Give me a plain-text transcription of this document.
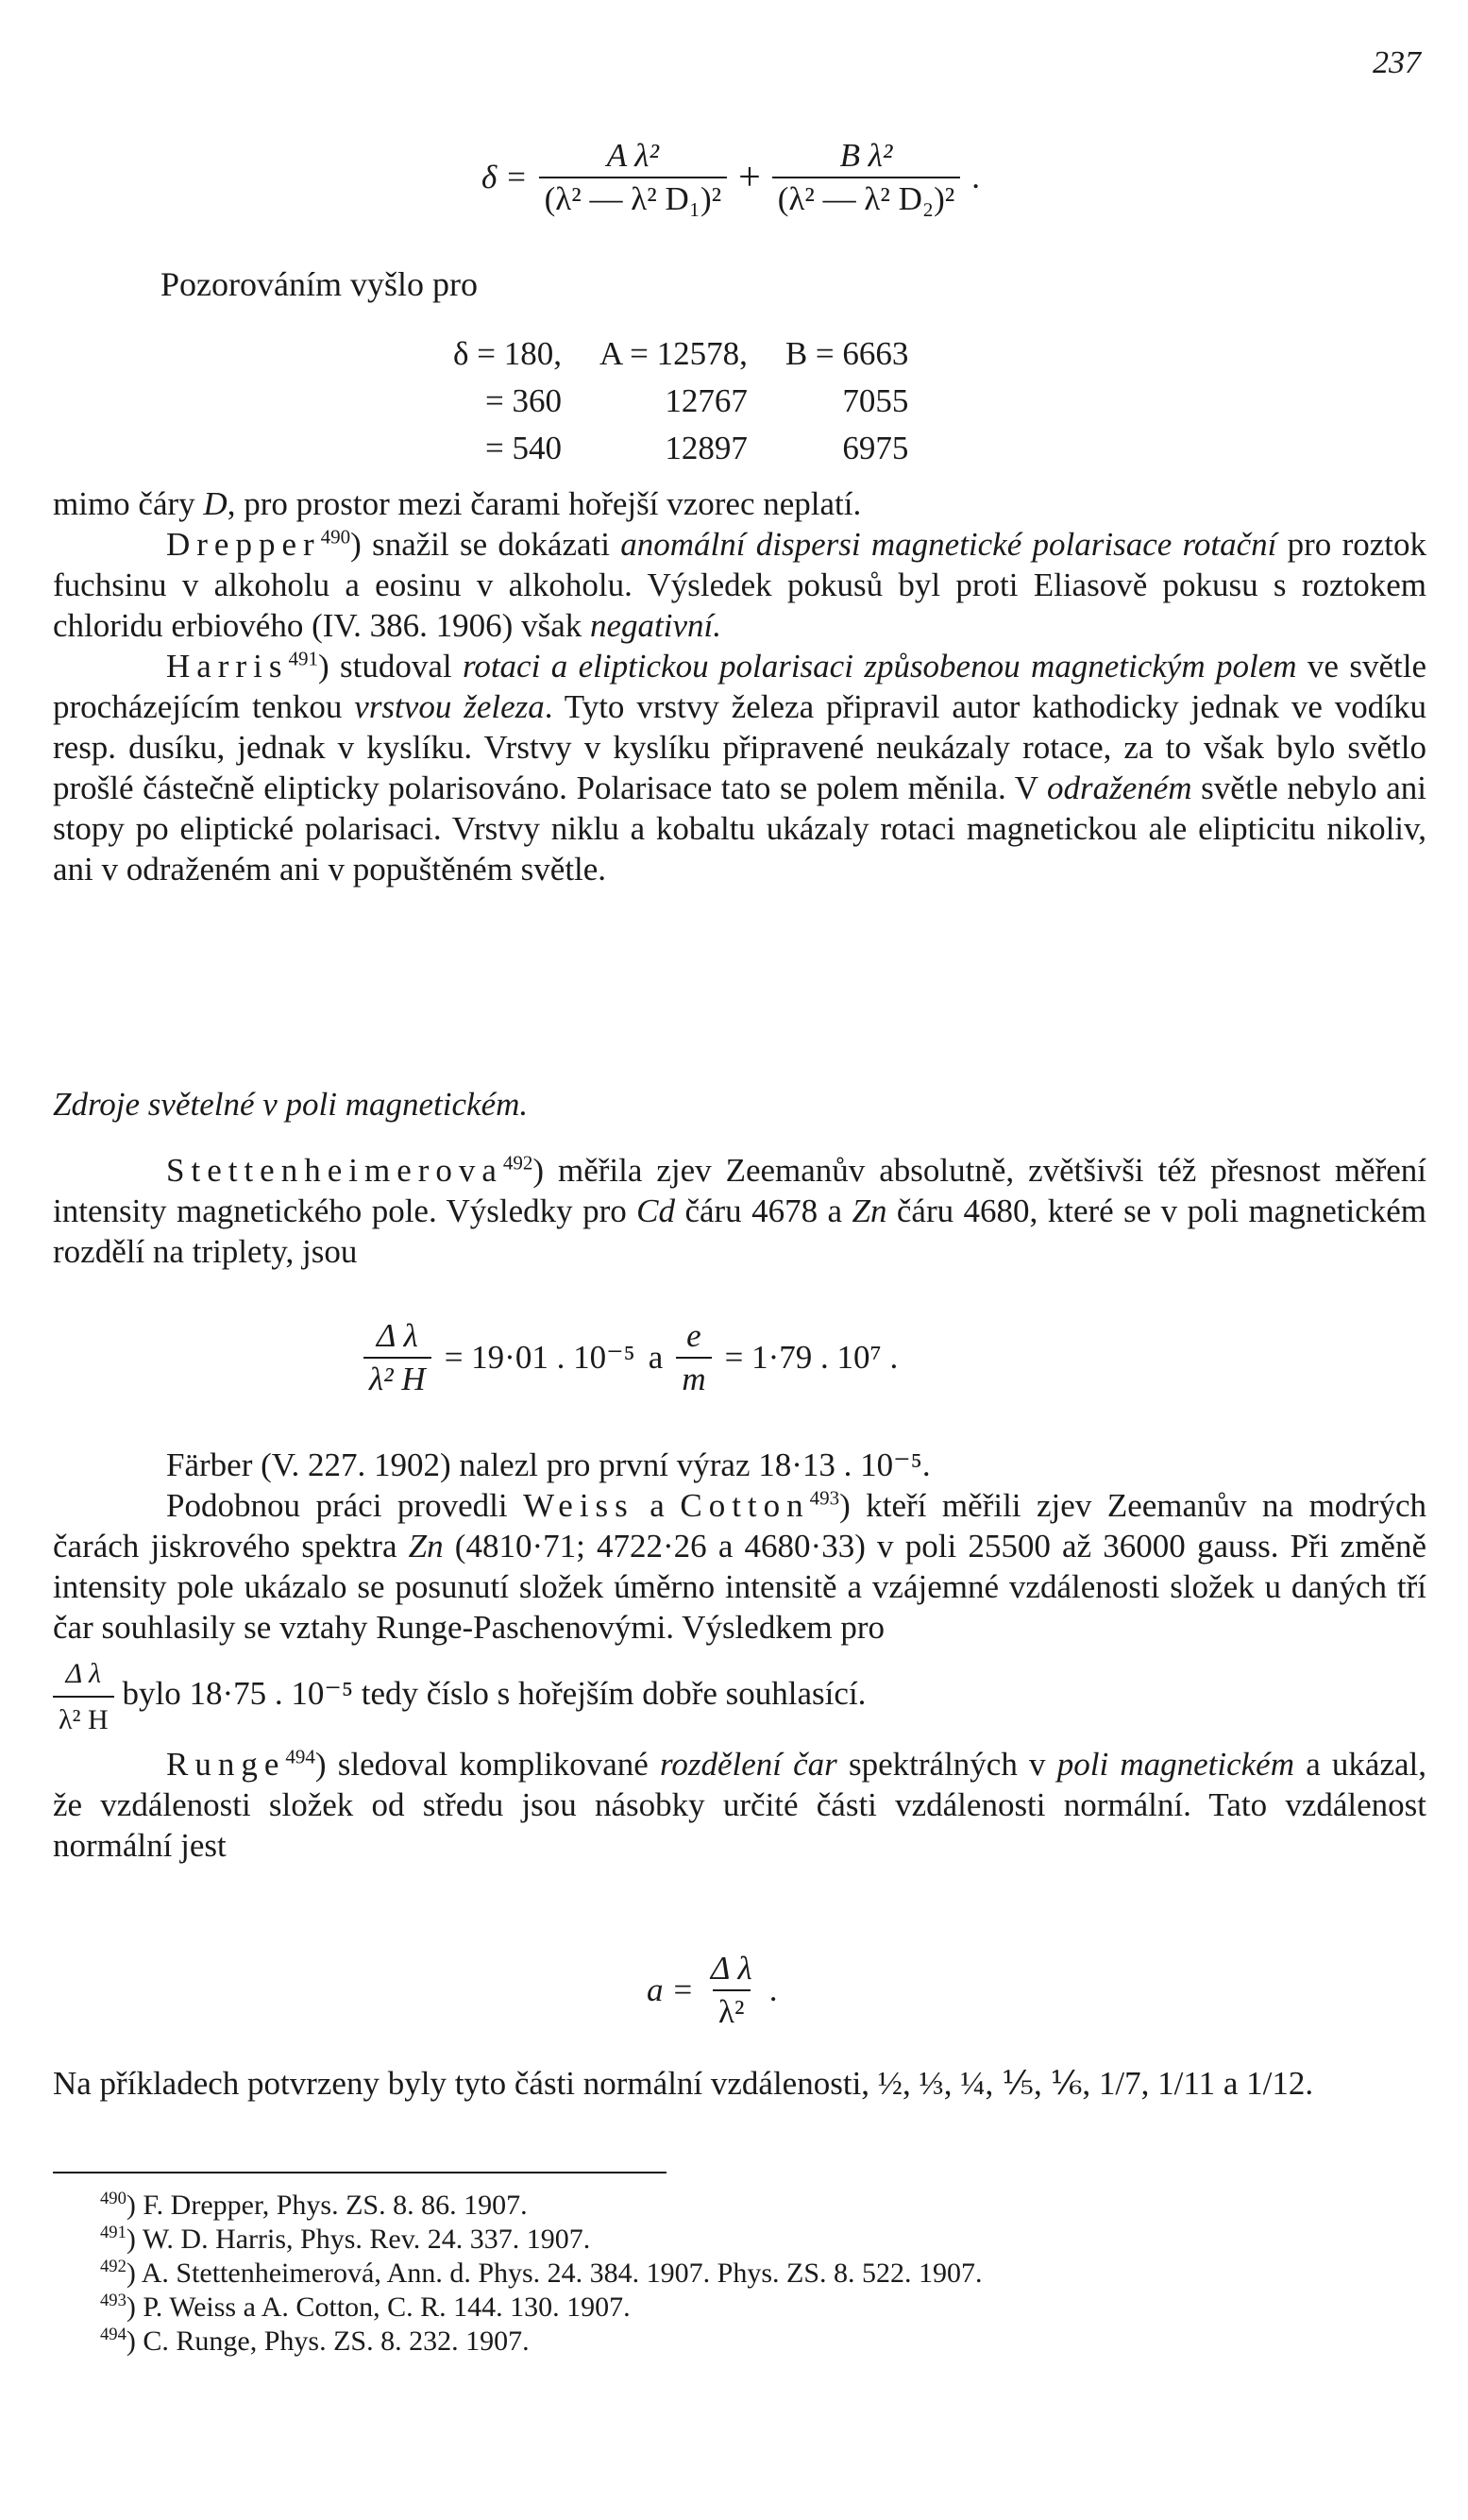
237
$\delta = \frac{\text{A λ²}}{\text{(λ² — λ² D₁)²}} + \frac{\text{B λ²}}{\text{(λ² — λ² D₂)²}}$ .
Pozorováním vyšlo pro
δ = 180,	A = 12578,	B = 6663
= 360	12767	7055
= 540	12897	6975

mimo čáry D, pro prostor mezi čarami hořejší vzorec neplatí.

Drepper$^{490}$) snažil se dokázati anomální dispersi magnetické polarisace rotační pro roztok fuchsinu v alkoholu a eosinu v alkoholu. Výsledek pokusů byl proti Eliasově pokusu s roztokem chloridu erbiového (IV. 386. 1906) však negativní.

Harris$^{491}$) studoval rotaci a eliptickou polarisaci způsobenou magnetickým polem ve světle procházejícím tenkou vrstvou železa. Tyto vrstvy železa připravil autor kathodicky jednak ve vodíku resp. dusíku, jednak v kyslíku. Vrstvy v kyslíku připravené neukázaly rotace, za to však bylo světlo prošlé částečně elipticky polarisováno. Polarisace tato se polem měnila. V odraženém světle nebylo ani stopy po eliptické polarisaci. Vrstvy niklu a kobaltu ukázaly rotaci magnetickou ale elipticitu nikoliv, ani v odraženém ani v popuštěném světle.

Zdroje světelné v poli magnetickém.

Stettenheimerova$^{492}$) měřila zjev Zeemanův absolutně, zvětšivši též přesnost měření intensity magnetického pole. Výsledky pro Cd čáru 4678 a Zn čáru 4680, které se v poli magnetickém rozdělí na triplety, jsou

$\frac{\text{Δ λ}}{\text{λ² H}} = 19\cdot 01$ . 10⁻⁵ a $\frac{e}{m} = 1\cdot 79$ . 10⁷ .

Färber (V. 227. 1902) nalezl pro první výraz 18·13 . 10⁻⁵.

Podobnou práci provedli Weiss a Cotton$^{493}$) kteří měřili zjev Zeemanův na modrých čarách jiskrového spektra Zn (4810·71; 4722·26 a 4680·33) v poli 25500 až 36000 gauss. Při změně intensity pole ukázalo se posunutí složek úměrno intensitě a vzájemné vzdálenosti složek u daných tří čar souhlasily se vztahy Runge-Paschenovými. Výsledkem pro

$\frac{\text{Δ λ}}{\text{λ² H}}$ bylo 18·75 . 10⁻⁵ tedy číslo s hořejším dobře souhlasící.

Runge$^{494}$) sledoval komplikované rozdělení čar spektrálných v poli magnetickém a ukázal, že vzdálenosti složek od středu jsou násobky určité části vzdálenosti normální. Tato vzdálenost normální jest

$a = \frac{\text{Δ λ}}{\text{λ²}}$ .

Na příkladech potvrzeny byly tyto části normální vzdálenosti, ½, ⅓, ¼, ⅕, ⅙, 1/7, 1/11 a 1/12.

$^{490}$) F. Drepper, Phys. ZS. 8. 86. 1907.

$^{491}$) W. D. Harris, Phys. Rev. 24. 337. 1907.

$^{492}$) A. Stettenheimerová, Ann. d. Phys. 24. 384. 1907. Phys. ZS. 8. 522. 1907.

$^{493}$) P. Weiss a A. Cotton, C. R. 144. 130. 1907.

$^{494}$) C. Runge, Phys. ZS. 8. 232. 1907.
